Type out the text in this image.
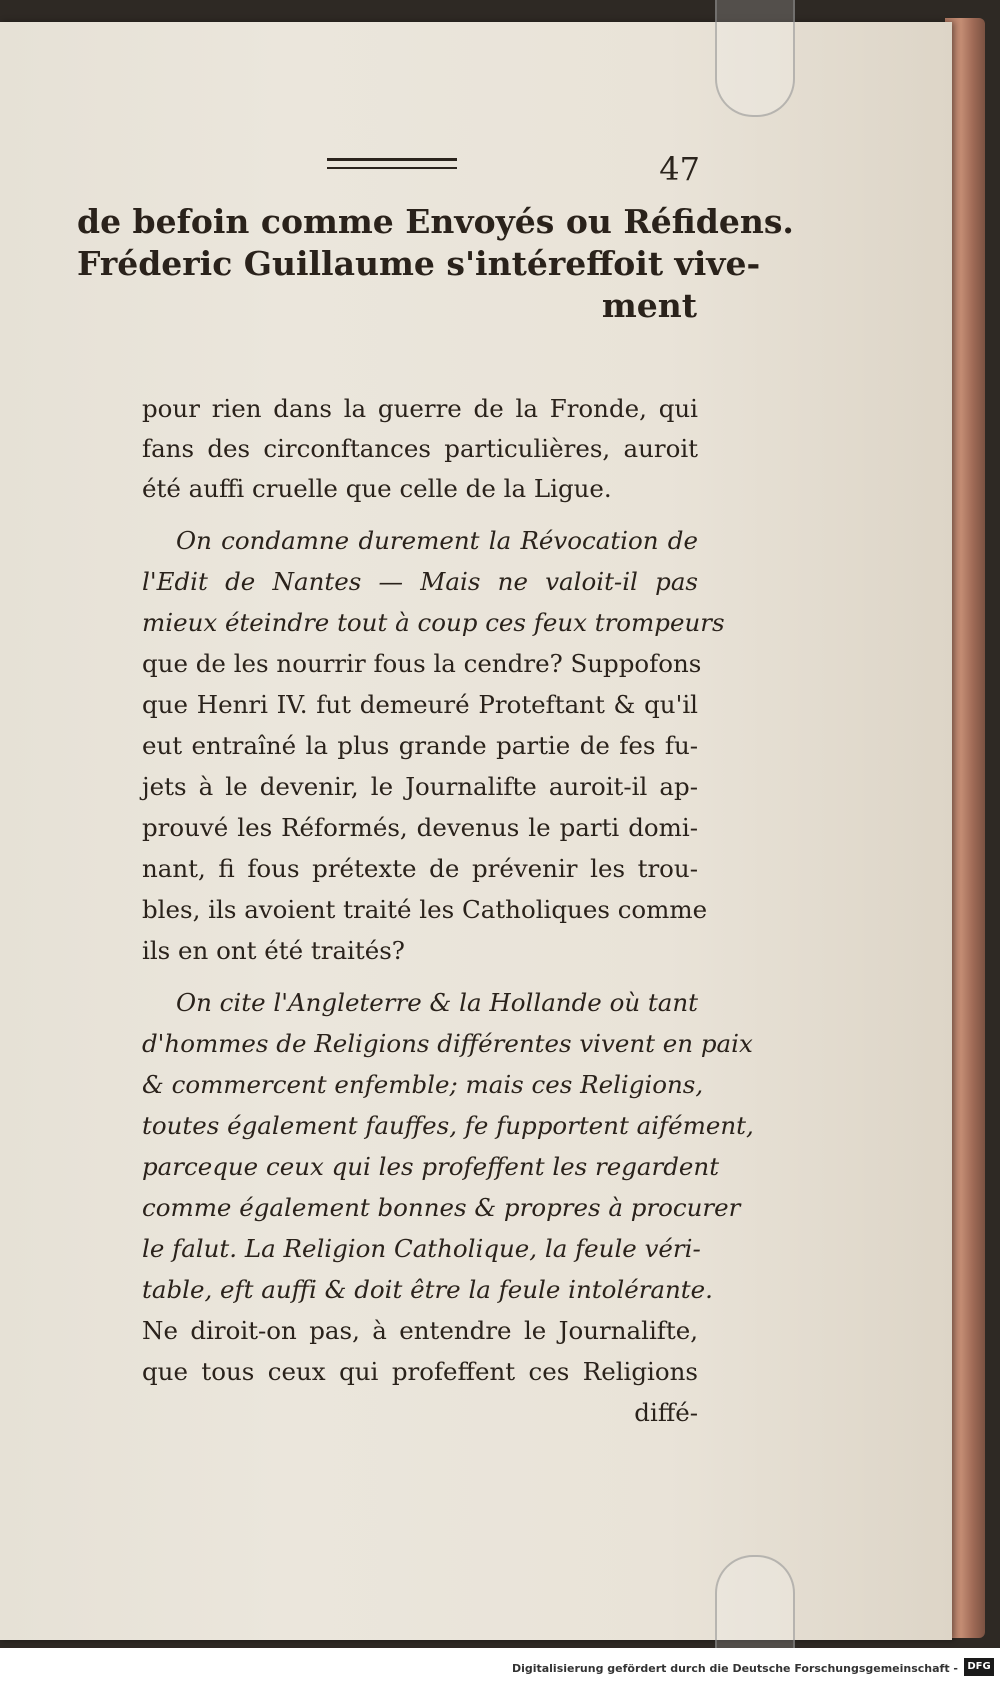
47
de befoin comme Envoyés ou Réfidens.
Fréderic Guillaume s'intéreffoit vive-
ment
pour rien dans la guerre de la Fronde, qui
fans des circonftances particulières, auroit
été auffi cruelle que celle de la Ligue.
On condamne durement la Révocation de
l'Edit de Nantes — Mais ne valoit-il pas
mieux éteindre tout à coup ces feux trompeurs
que de les nourrir fous la cendre? Suppofons
que Henri IV. fut demeuré Proteftant & qu'il
eut entraîné la plus grande partie de fes fu-
jets à le devenir, le Journalifte auroit-il ap-
prouvé les Réformés, devenus le parti domi-
nant, fi fous prétexte de prévenir les trou-
bles, ils avoient traité les Catholiques comme
ils en ont été traités?
On cite l'Angleterre & la Hollande où tant
d'hommes de Religions différentes vivent en paix
& commercent enfemble; mais ces Religions,
toutes également fauffes, fe fupportent aifément,
parceque ceux qui les profeffent les regardent
comme également bonnes & propres à procurer
le falut. La Religion Catholique, la feule véri-
table, eft auffi & doit être la feule intolérante.
Ne diroit-on pas, à entendre le Journalifte,
que tous ceux qui profeffent ces Religions
diffé-
Digitalisierung gefördert durch die Deutsche Forschungsgemeinschaft - DFG
